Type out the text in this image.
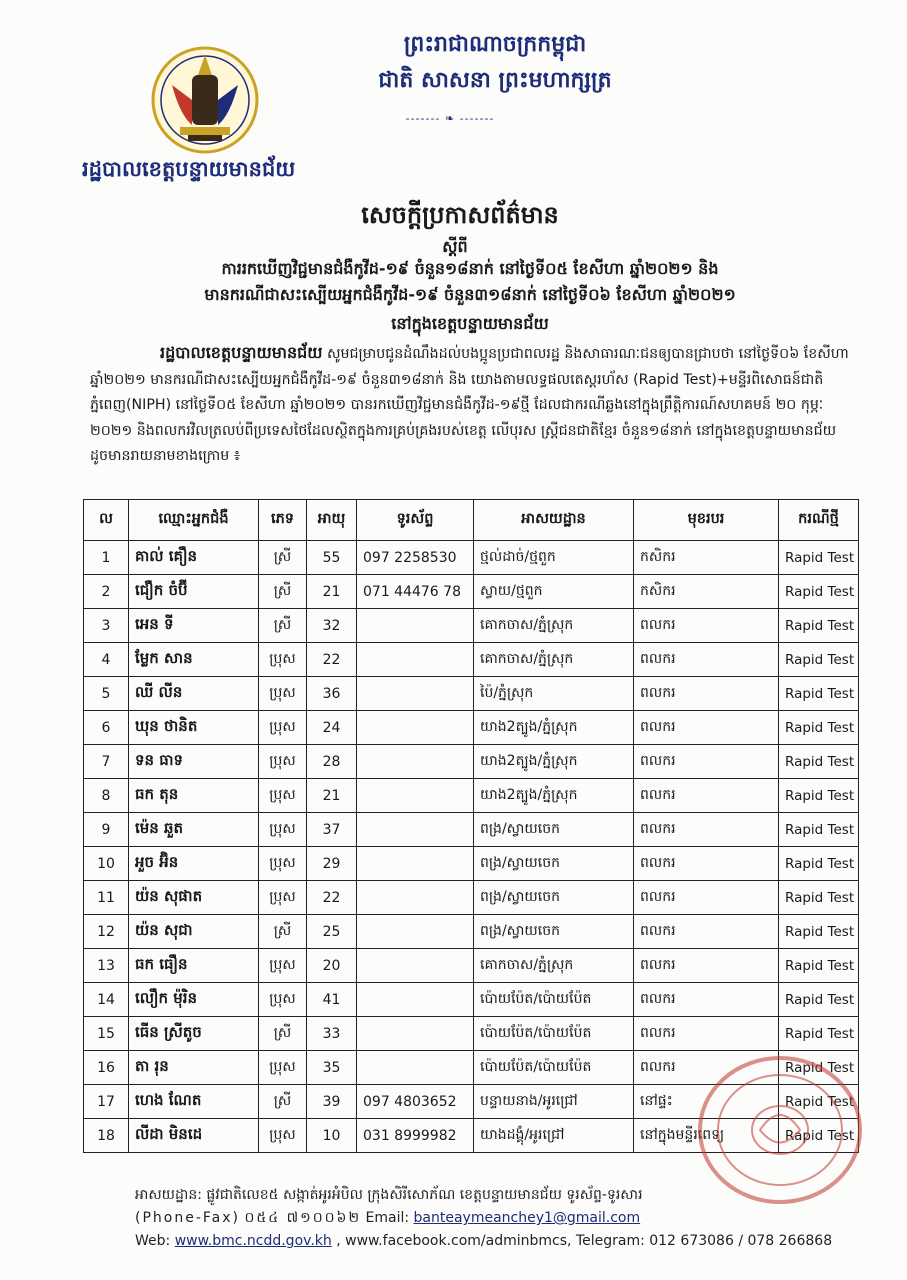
ព្រះរាជាណាចក្រកម្ពុជា
ជាតិ សាសនា ព្រះមហាក្សត្រ
------- ❧ -------
រដ្ឋបាលខេត្តបន្ទាយមានជ័យ
សេចក្តីប្រកាសព័ត៌មាន
ស្តីពី
ការរកឃើញវិជ្ជមានជំងឺកូវីដ-១៩ ចំនួន១៨នាក់ នៅថ្ងៃទី០៥ ខែសីហា ឆ្នាំ២០២១ និង
មានករណីជាសះស្បើយអ្នកជំងឺកូវីដ-១៩ ចំនួន៣១៨នាក់ នៅថ្ងៃទី០៦ ខែសីហា ឆ្នាំ២០២១
នៅក្នុងខេត្តបន្ទាយមានជ័យ
រដ្ឋបាលខេត្តបន្ទាយមានជ័យ សូមជម្រាបជូនដំណឹងដល់បងប្អូនប្រជាពលរដ្ឋ និងសាធារណៈជនឲ្យបានជ្រាបថា នៅថ្ងៃទី០៦ ខែសីហា ឆ្នាំ២០២១ មានករណីជាសះស្បើយអ្នកជំងឺកូវីដ-១៩ ចំនួន៣១៨នាក់ និង យោងតាមលទ្ធផលតេស្តរហ័ស (Rapid Test)+មន្ទីរពិសោធន៍ជាតិភ្នំពេញ(NIPH) នៅថ្ងៃទី០៥ ខែសីហា ឆ្នាំ២០២១ បានរកឃើញវិជ្ជមានជំងឺកូវីដ-១៩ថ្មី ដែលជាករណីឆ្លងនៅក្នុងព្រឹត្តិការណ៍សហគមន៍ ២០ កុម្ភៈ ២០២១ និងពលករវិលត្រលប់ពីប្រទេសថៃដែលស្ថិតក្នុងការគ្រប់គ្រងរបស់ខេត្ត លើបុរស ស្ត្រីជនជាតិខ្មែរ ចំនួន១៨នាក់ នៅក្នុងខេត្តបន្ទាយមានជ័យ ដូចមានរាយនាមខាងក្រោម ៖
ល	ឈ្មោះអ្នកជំងឺ	ភេទ	អាយុ	ទូរស័ព្ទ	អាសយដ្ឋាន	មុខរបរ	ករណីថ្មី
1	គាល់ គឿន	ស្រី	55	097 2258530	ថ្មល់ដាច់/ថ្មពួក	កសិករ	Rapid Test
2	ជឿក ចំប៊ី	ស្រី	21	071 44476 78	ស្វាយ/ថ្មពួក	កសិករ	Rapid Test
3	អេន ទី	ស្រី	32		គោកចាស/ភ្នំស្រុក	ពលករ	Rapid Test
4	ម្លែក សាន	ប្រុស	22		គោកចាស/ភ្នំស្រុក	ពលករ	Rapid Test
5	ឈី លីន	ប្រុស	36		ប៉ៃ/ភ្នំស្រុក	ពលករ	Rapid Test
6	ឃុន ថានិត	ប្រុស	24		យាង2ត្បូង/ភ្នំស្រុក	ពលករ	Rapid Test
7	ទន ធាទ	ប្រុស	28		យាង2ត្បូង/ភ្នំស្រុក	ពលករ	Rapid Test
8	ធក តុន	ប្រុស	21		យាង2ត្បូង/ភ្នំស្រុក	ពលករ	Rapid Test
9	ម៉េន ឆួត	ប្រុស	37		ពង្រ/ស្វាយចេក	ពលករ	Rapid Test
10	អួច អ៊ិន	ប្រុស	29		ពង្រ/ស្វាយចេក	ពលករ	Rapid Test
11	យ៉ន សុផាត	ប្រុស	22		ពង្រ/ស្វាយចេក	ពលករ	Rapid Test
12	យ៉ន សុជា	ស្រី	25		ពង្រ/ស្វាយចេក	ពលករ	Rapid Test
13	ធក ធឿន	ប្រុស	20		គោកចាស/ភ្នំស្រុក	ពលករ	Rapid Test
14	លឿក ម៉ុរិន	ប្រុស	41		ប៉ោយប៉ែត/ប៉ោយប៉ែត	ពលករ	Rapid Test
15	ធើន ស្រីតូច	ស្រី	33		ប៉ោយប៉ែត/ប៉ោយប៉ែត	ពលករ	Rapid Test
16	តា រុន	ប្រុស	35		ប៉ោយប៉ែត/ប៉ោយប៉ែត	ពលករ	Rapid Test
17	ហេង ណែត	ស្រី	39	097 4803652	បន្ទាយនាង/អូរជ្រៅ	នៅផ្ទះ	Rapid Test
18	លីដា មិនដេ	ប្រុស	10	031 8999982	យាងដង្គុំ/អូរជ្រៅ	នៅក្នុងមន្ទីរពេទ្យ	Rapid Test
អាសយដ្ឋាន: ផ្លូវជាតិលេខ៥ សង្កាត់អូរអំបិល ក្រុងសិរីសោភ័ណ ខេត្តបន្ទាយមានជ័យ ទូរស័ព្ទ-ទូរសារ
(Phone-Fax) ០៥៤ ៧១០០៦២ Email: banteaymeanchey1@gmail.com
Web: www.bmc.ncdd.gov.kh , www.facebook.com/adminbmcs, Telegram: 012 673086 / 078 266868
